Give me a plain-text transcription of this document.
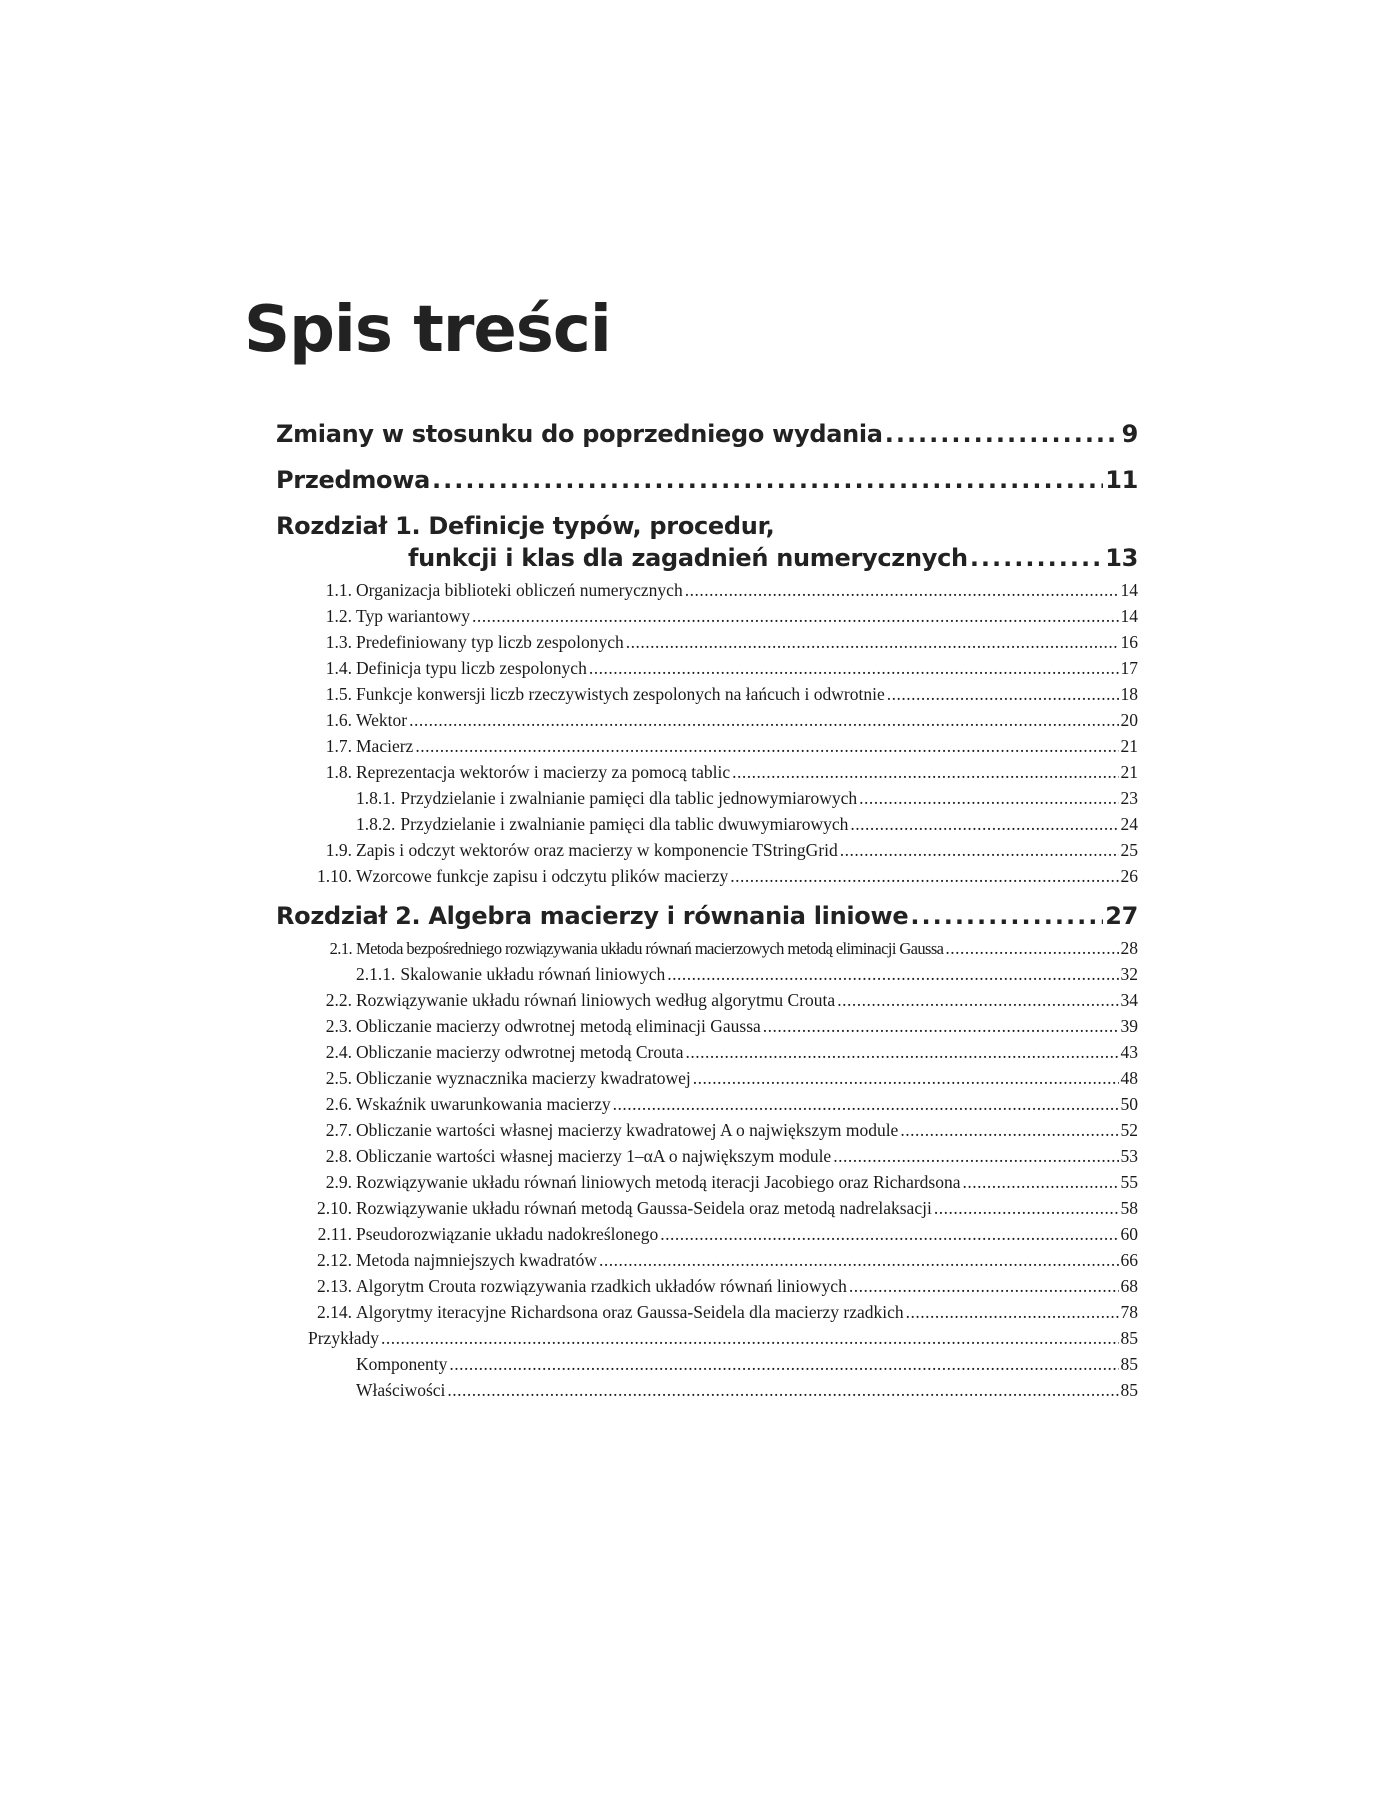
Spis treści
Zmiany w stosunku do poprzedniego wydania .....	9
Przedmowa .....	11
Rozdział 1. Definicje typów, procedur,
funkcji i klas dla zagadnień numerycznych .....	13
1.1. Organizacja biblioteki obliczeń numerycznych .....	14
1.2. Typ wariantowy .....	14
1.3. Predefiniowany typ liczb zespolonych .....	16
1.4. Definicja typu liczb zespolonych .....	17
1.5. Funkcje konwersji liczb rzeczywistych zespolonych na łańcuch i odwrotnie .....	18
1.6. Wektor .....	20
1.7. Macierz .....	21
1.8. Reprezentacja wektorów i macierzy za pomocą tablic .....	21
1.8.1. Przydzielanie i zwalnianie pamięci dla tablic jednowymiarowych .....	23
1.8.2. Przydzielanie i zwalnianie pamięci dla tablic dwuwymiarowych .....	24
1.9. Zapis i odczyt wektorów oraz macierzy w komponencie TStringGrid .....	25
1.10. Wzorcowe funkcje zapisu i odczytu plików macierzy .....	26
Rozdział 2. Algebra macierzy i równania liniowe .....	27
2.1. Metoda bezpośredniego rozwiązywania układu równań macierzowych metodą eliminacji Gaussa .....	28
2.1.1. Skalowanie układu równań liniowych .....	32
2.2. Rozwiązywanie układu równań liniowych według algorytmu Crouta .....	34
2.3. Obliczanie macierzy odwrotnej metodą eliminacji Gaussa .....	39
2.4. Obliczanie macierzy odwrotnej metodą Crouta .....	43
2.5. Obliczanie wyznacznika macierzy kwadratowej .....	48
2.6. Wskaźnik uwarunkowania macierzy .....	50
2.7. Obliczanie wartości własnej macierzy kwadratowej A o największym module .....	52
2.8. Obliczanie wartości własnej macierzy 1–αA o największym module .....	53
2.9. Rozwiązywanie układu równań liniowych metodą iteracji Jacobiego oraz Richardsona .....	55
2.10. Rozwiązywanie układu równań metodą Gaussa-Seidela oraz metodą nadrelaksacji .....	58
2.11. Pseudorozwiązanie układu nadokreślonego .....	60
2.12. Metoda najmniejszych kwadratów .....	66
2.13. Algorytm Crouta rozwiązywania rzadkich układów równań liniowych .....	68
2.14. Algorytmy iteracyjne Richardsona oraz Gaussa-Seidela dla macierzy rzadkich .....	78
Przykłady .....	85
Komponenty .....	85
Właściwości .....	85
